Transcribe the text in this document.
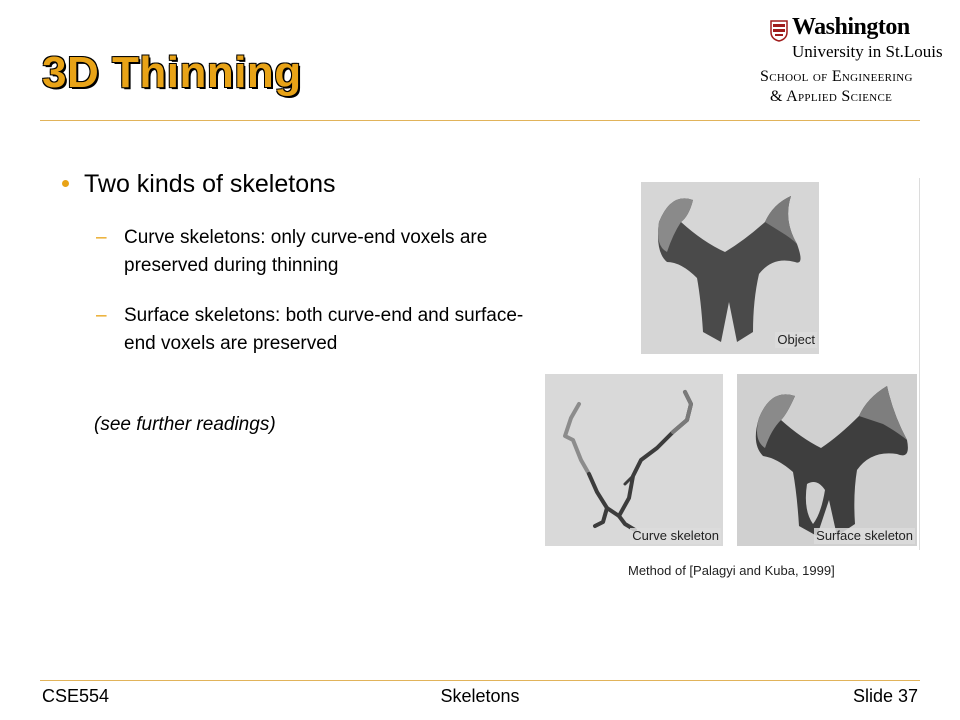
3D Thinning
Washington
University in St.Louis
School of Engineering
& Applied Science
Two kinds of skeletons
– Curve skeletons: only curve-end voxels are preserved during thinning
– Surface skeletons: both curve-end and surface-end voxels are preserved
(see further readings)
Object
Curve skeleton	Surface skeleton
Method of [Palagyi and Kuba, 1999]
CSE554	Skeletons	Slide 37
